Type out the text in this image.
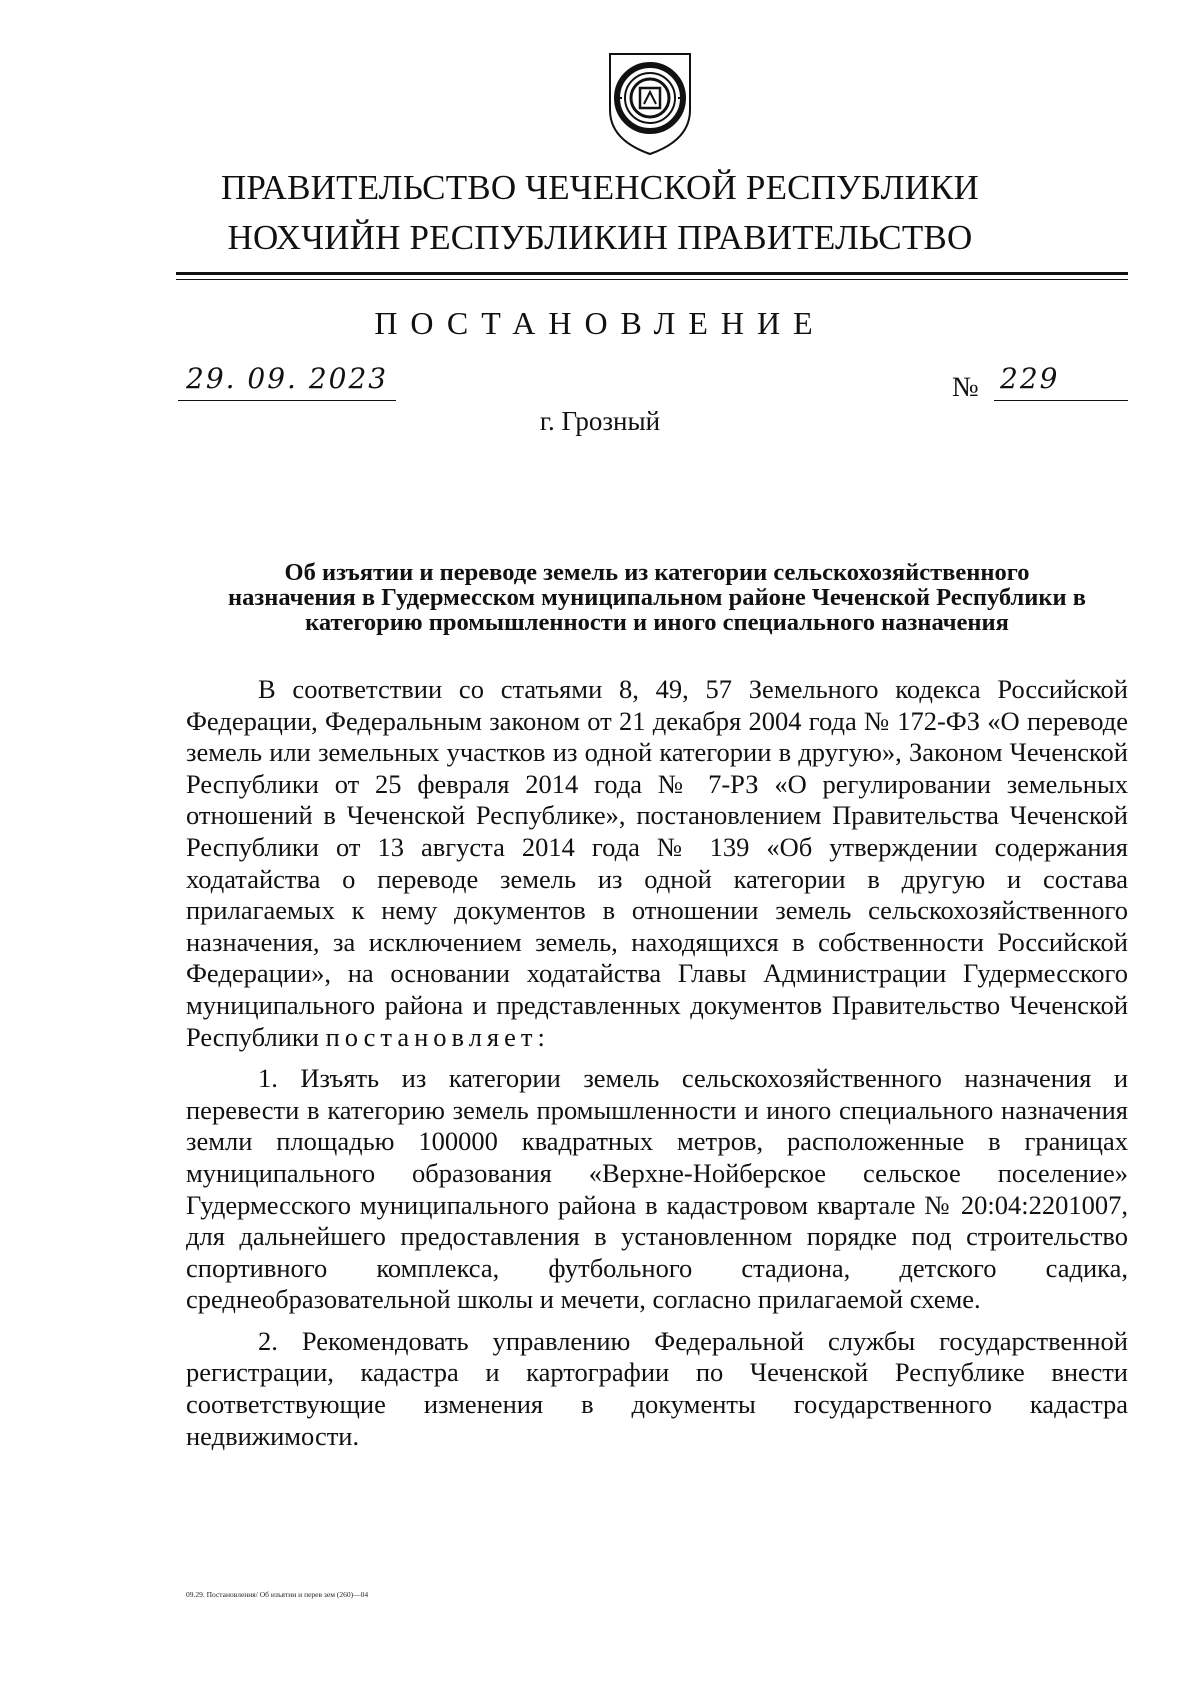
ПРАВИТЕЛЬСТВО ЧЕЧЕНСКОЙ РЕСПУБЛИКИ
НОХЧИЙН РЕСПУБЛИКИН ПРАВИТЕЛЬСТВО
ПОСТАНОВЛЕНИЕ
29. 09. 2023	№ 229
г. Грозный
Об изъятии и переводе земель из категории сельскохозяйственного
назначения в Гудермесском муниципальном районе Чеченской Республики в
категорию промышленности и иного специального назначения

В соответствии со статьями 8, 49, 57 Земельного кодекса Российской Федерации, Федеральным законом от 21 декабря 2004 года № 172-ФЗ «О переводе земель или земельных участков из одной категории в другую», Законом Чеченской Республики от 25 февраля 2014 года № 7-РЗ «О регулировании земельных отношений в Чеченской Республике», постановлением Правительства Чеченской Республики от 13 августа 2014 года № 139 «Об утверждении содержания ходатайства о переводе земель из одной категории в другую и состава прилагаемых к нему документов в отношении земель сельскохозяйственного назначения, за исключением земель, находящихся в собственности Российской Федерации», на основании ходатайства Главы Администрации Гудермесского муниципального района и представленных документов Правительство Чеченской Республики постановляет:

1. Изъять из категории земель сельскохозяйственного назначения и перевести в категорию земель промышленности и иного специального назначения земли площадью 100000 квадратных метров, расположенные в границах муниципального образования «Верхне-Нойберское сельское поселение» Гудермесского муниципального района в кадастровом квартале № 20:04:2201007, для дальнейшего предоставления в установленном порядке под строительство спортивного комплекса, футбольного стадиона, детского садика, среднеобразовательной школы и мечети, согласно прилагаемой схеме.

2. Рекомендовать управлению Федеральной службы государственной регистрации, кадастра и картографии по Чеченской Республике внести соответствующие изменения в документы государственного кадастра недвижимости.

09.29. Постановления/ Об изъятии и перев зем (260)—04
